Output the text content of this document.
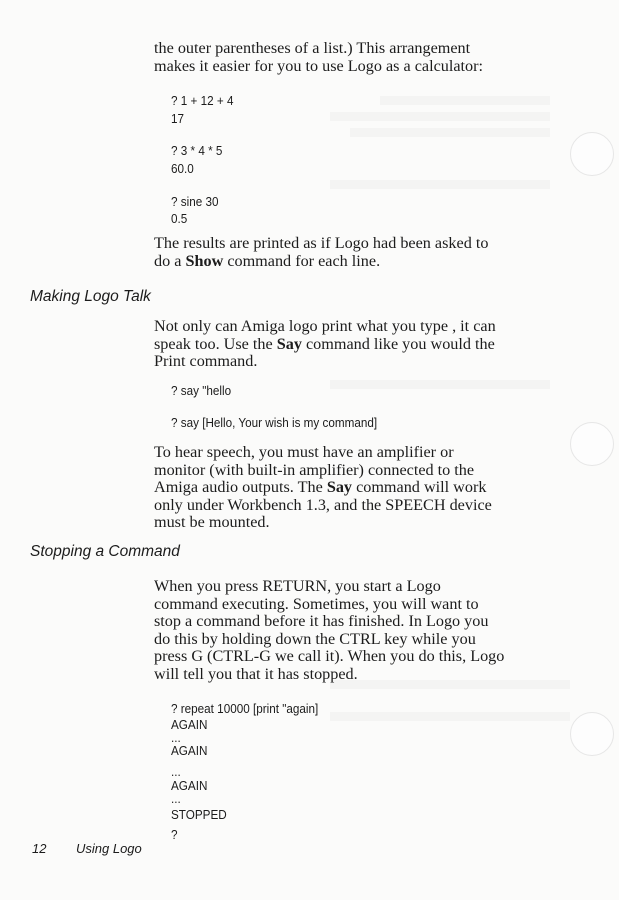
the outer parentheses of a list.) This arrangement
makes it easier for you to use Logo as a calculator:
? 1 + 12 + 4
17
? 3 * 4 * 5
60.0
? sine 30
0.5
The results are printed as if Logo had been asked to
do a Show command for each line.
Making Logo Talk
Not only can Amiga logo print what you type , it can
speak too. Use the Say command like you would the
Print command.
? say "hello
? say [Hello, Your wish is my command]
To hear speech, you must have an amplifier or
monitor (with built-in amplifier) connected to the
Amiga audio outputs. The Say command will work
only under Workbench 1.3, and the SPEECH device
must be mounted.
Stopping a Command
When you press RETURN, you start a Logo
command executing. Sometimes, you will want to
stop a command before it has finished. In Logo you
do this by holding down the CTRL key while you
press G (CTRL-G we call it). When you do this, Logo
will tell you that it has stopped.
? repeat 10000 [print "again]
AGAIN
...
AGAIN
...
AGAIN
...
STOPPED
?
12 Using Logo
